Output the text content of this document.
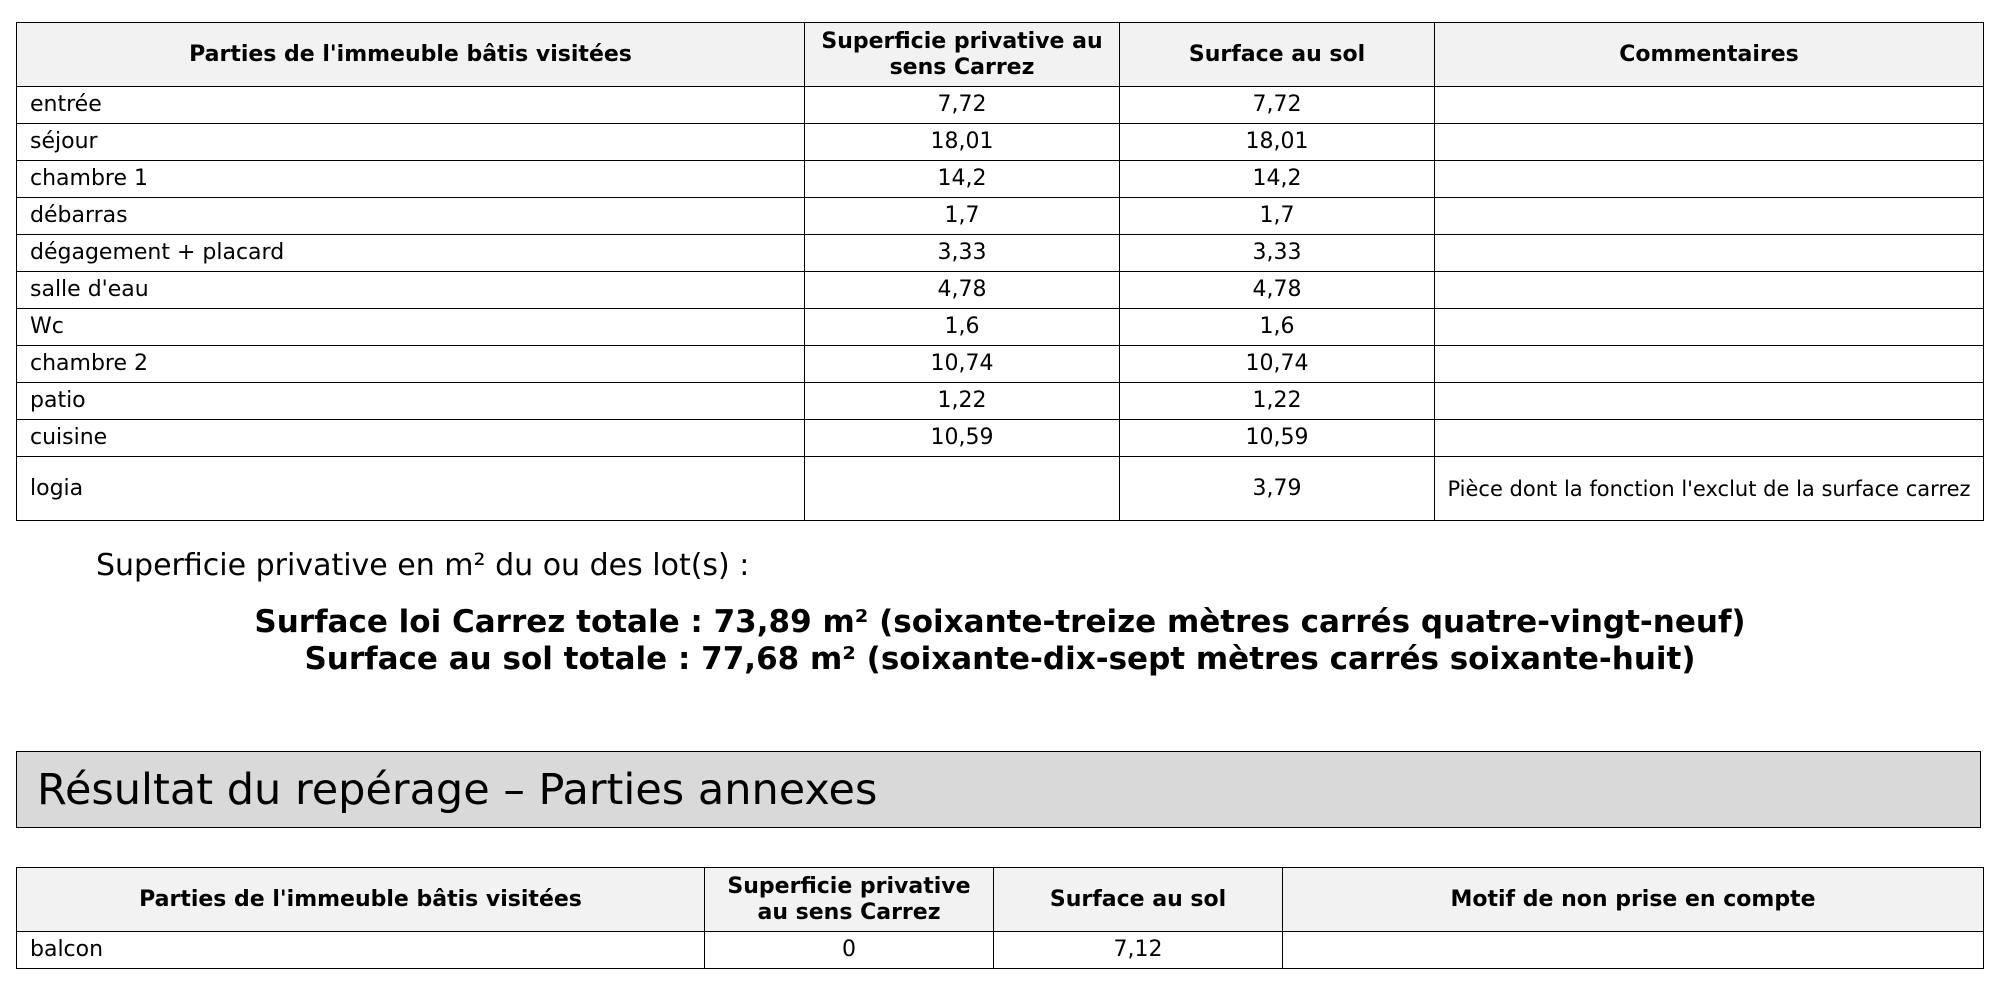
Parties de l'immeuble bâtis visitées	Superficie privative au sens Carrez	Surface au sol	Commentaires
entrée	7,72	7,72	
séjour	18,01	18,01	
chambre 1	14,2	14,2	
débarras	1,7	1,7	
dégagement + placard	3,33	3,33	
salle d'eau	4,78	4,78	
Wc	1,6	1,6	
chambre 2	10,74	10,74	
patio	1,22	1,22	
cuisine	10,59	10,59	
logia		3,79	Pièce dont la fonction l'exclut de la surface carrez
Superficie privative en m² du ou des lot(s) :
Surface loi Carrez totale : 73,89 m² (soixante-treize mètres carrés quatre-vingt-neuf)
Surface au sol totale : 77,68 m² (soixante-dix-sept mètres carrés soixante-huit)
Résultat du repérage – Parties annexes
Parties de l'immeuble bâtis visitées	Superficie privative au sens Carrez	Surface au sol	Motif de non prise en compte
balcon	0	7,12	
